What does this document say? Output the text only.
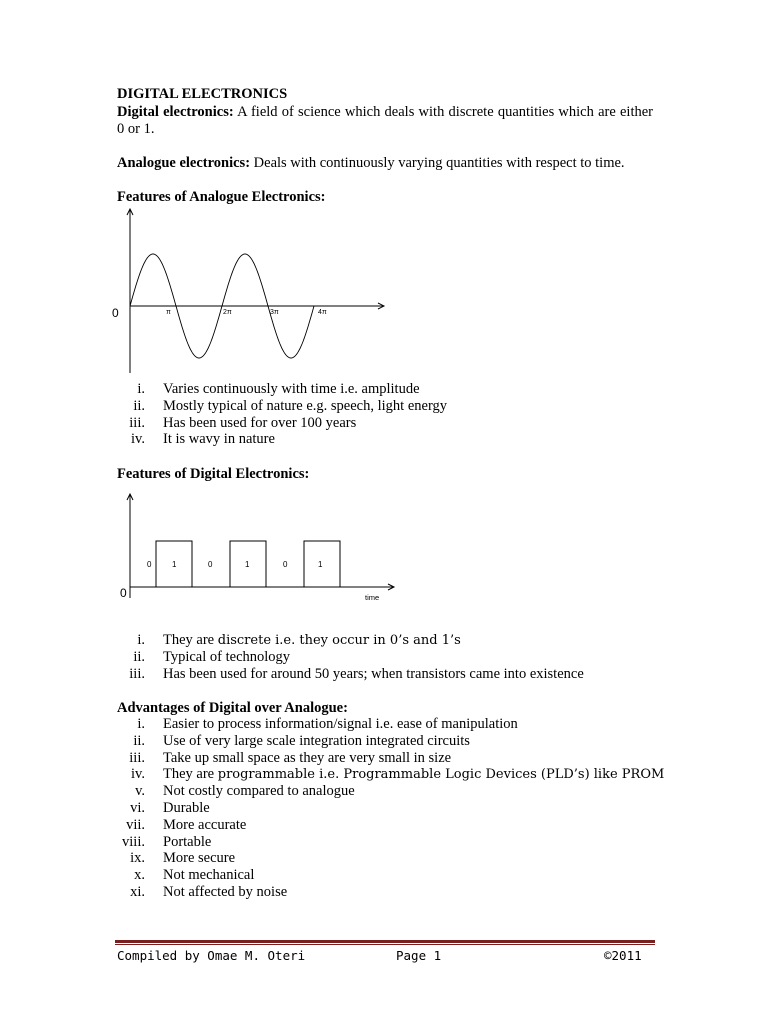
DIGITAL ELECTRONICS
Digital electronics: A field of science which deals with discrete quantities which are either 0 or 1.
Analogue electronics: Deals with continuously varying quantities with respect to time.
Features of Analogue Electronics:
0	π	2π	3π	4π
i. Varies continuously with time i.e. amplitude
ii. Mostly typical of nature e.g. speech, light energy
iii. Has been used for over 100 years
iv. It is wavy in nature
Features of Digital Electronics:
0	1	0	1	0	1
0	time
i. They are discrete i.e. they occur in 0’s and 1’s
ii. Typical of technology
iii. Has been used for around 50 years; when transistors came into existence
Advantages of Digital over Analogue:
i. Easier to process information/signal i.e. ease of manipulation
ii. Use of very large scale integration integrated circuits
iii. Take up small space as they are very small in size
iv. They are programmable i.e. Programmable Logic Devices (PLD’s) like PROM
v. Not costly compared to analogue
vi. Durable
vii. More accurate
viii. Portable
ix. More secure
x. Not mechanical
xi. Not affected by noise
Compiled by Omae M. Oteri	Page 1	©2011
